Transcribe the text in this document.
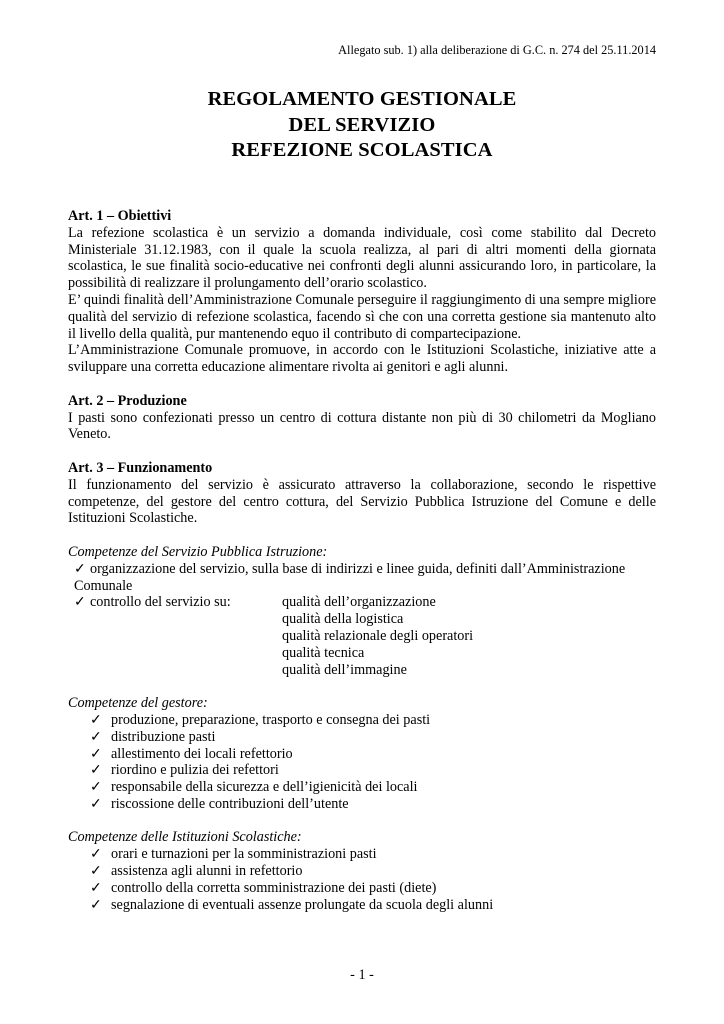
Allegato sub. 1) alla deliberazione di G.C. n. 274 del 25.11.2014
REGOLAMENTO GESTIONALE
DEL SERVIZIO
REFEZIONE SCOLASTICA
Art. 1 – Obiettivi

La refezione scolastica è un servizio a domanda individuale, così come stabilito dal Decreto Ministeriale 31.12.1983, con il quale la scuola realizza, al pari di altri momenti della giornata scolastica, le sue finalità socio-educative nei confronti degli alunni assicurando loro, in particolare, la possibilità di realizzare il prolungamento dell’orario scolastico.

E’ quindi finalità dell’Amministrazione Comunale perseguire il raggiungimento di una sempre migliore qualità del servizio di refezione scolastica, facendo sì che con una corretta gestione sia mantenuto alto il livello della qualità, pur mantenendo equo il contributo di compartecipazione.

L’Amministrazione Comunale promuove, in accordo con le Istituzioni Scolastiche, iniziative atte a sviluppare una corretta educazione alimentare rivolta ai genitori e agli alunni.

Art. 2 – Produzione

I pasti sono confezionati presso un centro di cottura distante non più di 30 chilometri da Mogliano Veneto.

Art. 3 – Funzionamento

Il funzionamento del servizio è assicurato attraverso la collaborazione, secondo le rispettive competenze, del gestore del centro cottura, del Servizio Pubblica Istruzione del Comune e delle Istituzioni Scolastiche.

Competenze del Servizio Pubblica Istruzione:
✓ organizzazione del servizio, sulla base di indirizzi e linee guida, definiti dall’Amministrazione
Comunale
✓ controllo del servizio su:	qualità dell’organizzazione
qualità della logistica
qualità relazionale degli operatori
qualità tecnica
qualità dell’immagine
Competenze del gestore:
✓ produzione, preparazione, trasporto e consegna dei pasti
✓ distribuzione pasti
✓ allestimento dei locali refettorio
✓ riordino e pulizia dei refettori
✓ responsabile della sicurezza e dell’igienicità dei locali
✓ riscossione delle contribuzioni dell’utente
Competenze delle Istituzioni Scolastiche:
✓ orari e turnazioni per la somministrazioni pasti
✓ assistenza agli alunni in refettorio
✓ controllo della corretta somministrazione dei pasti (diete)
✓ segnalazione di eventuali assenze prolungate da scuola degli alunni
- 1 -
